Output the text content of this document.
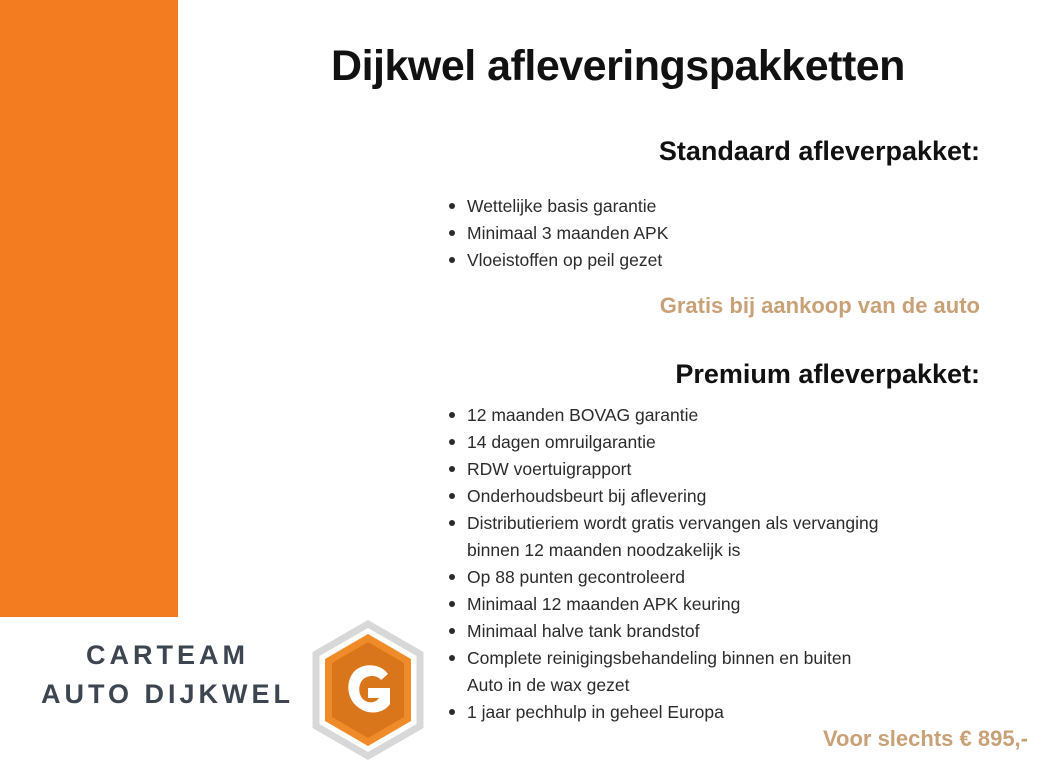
Dijkwel afleveringspakketten
Standaard afleverpakket:
Wettelijke basis garantie
Minimaal 3 maanden APK
Vloeistoffen op peil gezet
Gratis bij aankoop van de auto
Premium afleverpakket:
12 maanden BOVAG garantie
14 dagen omruilgarantie
RDW voertuigrapport
Onderhoudsbeurt bij aflevering
Distributieriem wordt gratis vervangen als vervanging
binnen 12 maanden noodzakelijk is
Op 88 punten gecontroleerd
Minimaal 12 maanden APK keuring
Minimaal halve tank brandstof
Complete reinigingsbehandeling binnen en buiten
Auto in de wax gezet
1 jaar pechhulp in geheel Europa
Voor slechts € 895,-
CARTEAM
AUTO DIJKWEL
